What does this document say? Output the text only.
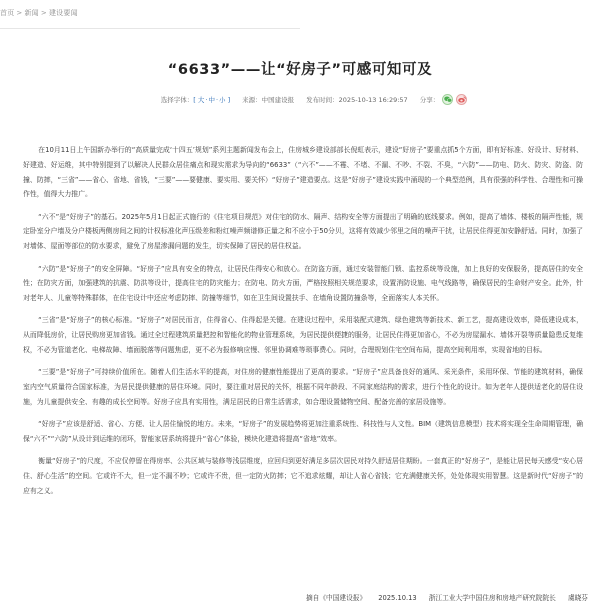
首页 > 新闻 > 建设要闻
“6633”——让“好房子”可感可知可及
选择字体： [ 大·中·小 ] 来源： 中国建设报 发布时间： 2025-10-13 16:29:57 分享：

在10月11日上午国新办举行的“高质量完成‘十四五’规划”系列主题新闻发布会上，住房城乡建设部部长倪虹表示，建设“好房子”要重点抓5个方面，即有好标准、好设计、好材料、好建造、好运维，其中特别提到了以解决人民群众居住痛点和现实需求为导向的“6633”（“六不”——不霉、不堵、不漏、不吵、不裂、不臭，“六防”——防电、防火、防灾、防盗、防撞、防摔，“三省”——省心、省地、省钱，“三要”——要健康、要实用、要关怀）“好房子”建造要点。这是“好房子”建设实践中涌现的一个典型范例，具有很强的科学性、合理性和可操作性，值得大力推广。

“六不”是“好房子”的基石。2025年5月1日起正式施行的《住宅项目规范》对住宅的防水、隔声、结构安全等方面提出了明确的底线要求。例如，提高了墙体、楼板的隔声性能，规定卧室分户墙及分户楼板两侧房间之间的计权标准化声压级差和粉红噪声频谱修正量之和不应小于50分贝，这将有效减少邻里之间的噪声干扰，让居民住得更加安静舒适。同时，加强了对墙体、屋面等部位的防水要求，避免了房屋渗漏问题的发生，切实保障了居民的居住权益。

“六防”是“好房子”的安全屏障。“好房子”应具有安全的特点，让居民住得安心和放心。在防盗方面，通过安装智能门锁、监控系统等设施，加上良好的安保服务，提高居住的安全性；在防灾方面，加强建筑的抗震、防洪等设计，提高住宅的防灾能力；在防电、防火方面，严格按照相关规范要求，设置消防设施、电气线路等，确保居民的生命财产安全。此外，针对老年人、儿童等特殊群体，在住宅设计中还应考虑防摔、防撞等细节，如在卫生间设置扶手、在墙角设置防撞条等，全面落实人本关怀。

“三省”是“好房子”的核心标准。“好房子”对居民而言，住得省心、住得起是关键。在建设过程中，采用装配式建筑、绿色建筑等新技术、新工艺，提高建设效率，降低建设成本，从而降低房价，让居民购房更加省钱。通过全过程建筑质量把控和智能化的物业管理系统，为居民提供便捷的服务，让居民住得更加省心，不必为房屋漏水、墙体开裂等质量隐患反复维权，不必为管道老化、电梯故障、墙面脱落等问题焦虑，更不必为报修响应慢、邻里协调难等琐事费心。同时，合理规划住宅空间布局，提高空间利用率，实现省地的目标。

“三要”是“好房子”可持续价值所在。随着人们生活水平的提高，对住房的健康性能提出了更高的要求。“好房子”应具备良好的通风、采光条件，采用环保、节能的建筑材料，确保室内空气质量符合国家标准，为居民提供健康的居住环境。同时，要注重对居民的关怀，根据不同年龄段、不同家庭结构的需求，进行个性化的设计。如为老年人提供适老化的居住设施，为儿童提供安全、有趣的成长空间等。好房子应具有实用性，满足居民的日常生活需求，如合理设置储物空间、配备完善的家居设施等。

“好房子”应该是舒适、省心、方便、让人居住愉悦的地方。未来，“好房子”的发展趋势将更加注重系统性、科技性与人文性。BIM（建筑信息模型）技术将实现全生命周期管理，确保“六不”“六防”从设计到运维的闭环，智能家居系统将提升“省心”体验，模块化建造将提高“省地”效率。

衡量“好房子”的尺度，不应仅停留在得房率、公共区域与装修等浅层维度，应回归到更好满足多层次居民对持久舒适居住期盼。一套真正的“好房子”，是能让居民每天感受“安心居住、舒心生活”的空间。它或许不大，但一定不漏不吵；它或许不贵，但一定防火防摔；它不追求炫耀，却让人省心省钱；它充满健康关怀，处处体现实用智慧。这是新时代“好房子”的应有之义。

摘自《中国建设报》 2025.10.13 浙江工业大学中国住房和房地产研究院院长 虞晓芬
